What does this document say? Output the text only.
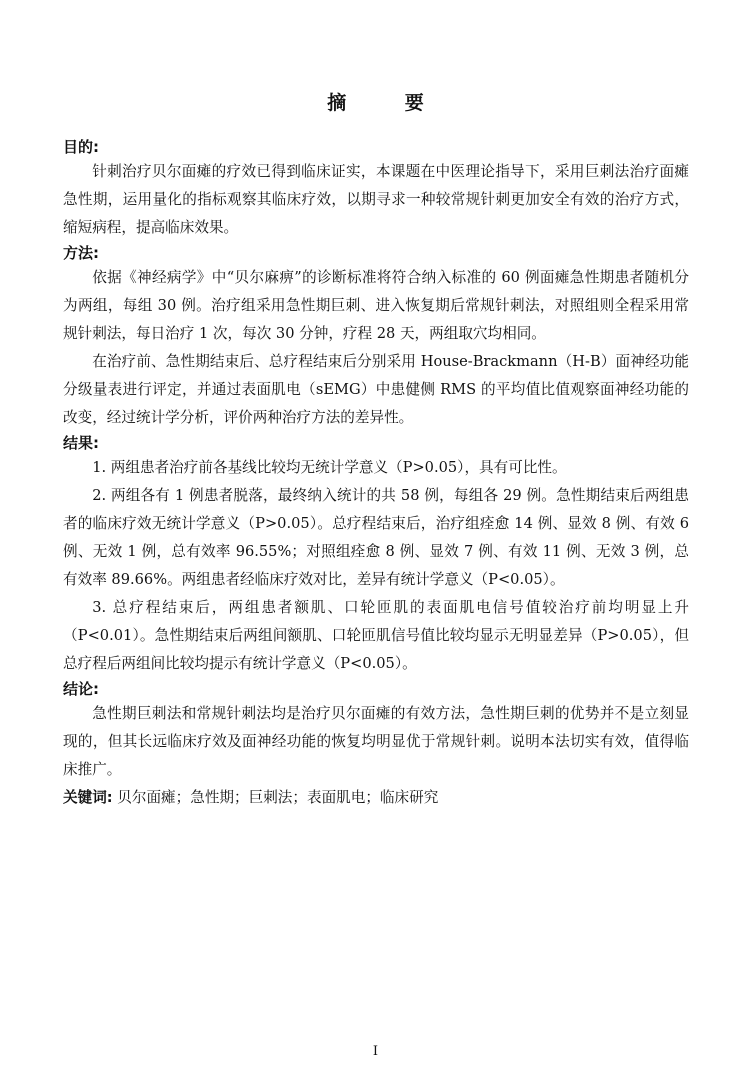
摘 要

目的:

针刺治疗贝尔面瘫的疗效已得到临床证实，本课题在中医理论指导下，采用巨刺法治疗面瘫急性期，运用量化的指标观察其临床疗效，以期寻求一种较常规针刺更加安全有效的治疗方式，缩短病程，提高临床效果。

方法:

依据《神经病学》中“贝尔麻痹”的诊断标准将符合纳入标准的 60 例面瘫急性期患者随机分为两组，每组 30 例。治疗组采用急性期巨刺、进入恢复期后常规针刺法，对照组则全程采用常规针刺法，每日治疗 1 次，每次 30 分钟，疗程 28 天，两组取穴均相同。

在治疗前、急性期结束后、总疗程结束后分别采用 House-Brackmann（H-B）面神经功能分级量表进行评定，并通过表面肌电（sEMG）中患健侧 RMS 的平均值比值观察面神经功能的改变，经过统计学分析，评价两种治疗方法的差异性。

结果:

1. 两组患者治疗前各基线比较均无统计学意义（P>0.05），具有可比性。

2. 两组各有 1 例患者脱落，最终纳入统计的共 58 例，每组各 29 例。急性期结束后两组患者的临床疗效无统计学意义（P>0.05）。总疗程结束后，治疗组痊愈 14 例、显效 8 例、有效 6 例、无效 1 例，总有效率 96.55%；对照组痊愈 8 例、显效 7 例、有效 11 例、无效 3 例，总有效率 89.66%。两组患者经临床疗效对比，差异有统计学意义（P<0.05）。

3. 总疗程结束后，两组患者额肌、口轮匝肌的表面肌电信号值较治疗前均明显上升（P<0.01）。急性期结束后两组间额肌、口轮匝肌信号值比较均显示无明显差异（P>0.05），但总疗程后两组间比较均提示有统计学意义（P<0.05）。

结论:

急性期巨刺法和常规针刺法均是治疗贝尔面瘫的有效方法，急性期巨刺的优势并不是立刻显现的，但其长远临床疗效及面神经功能的恢复均明显优于常规针刺。说明本法切实有效，值得临床推广。

关键词: 贝尔面瘫；急性期；巨刺法；表面肌电；临床研究

I
